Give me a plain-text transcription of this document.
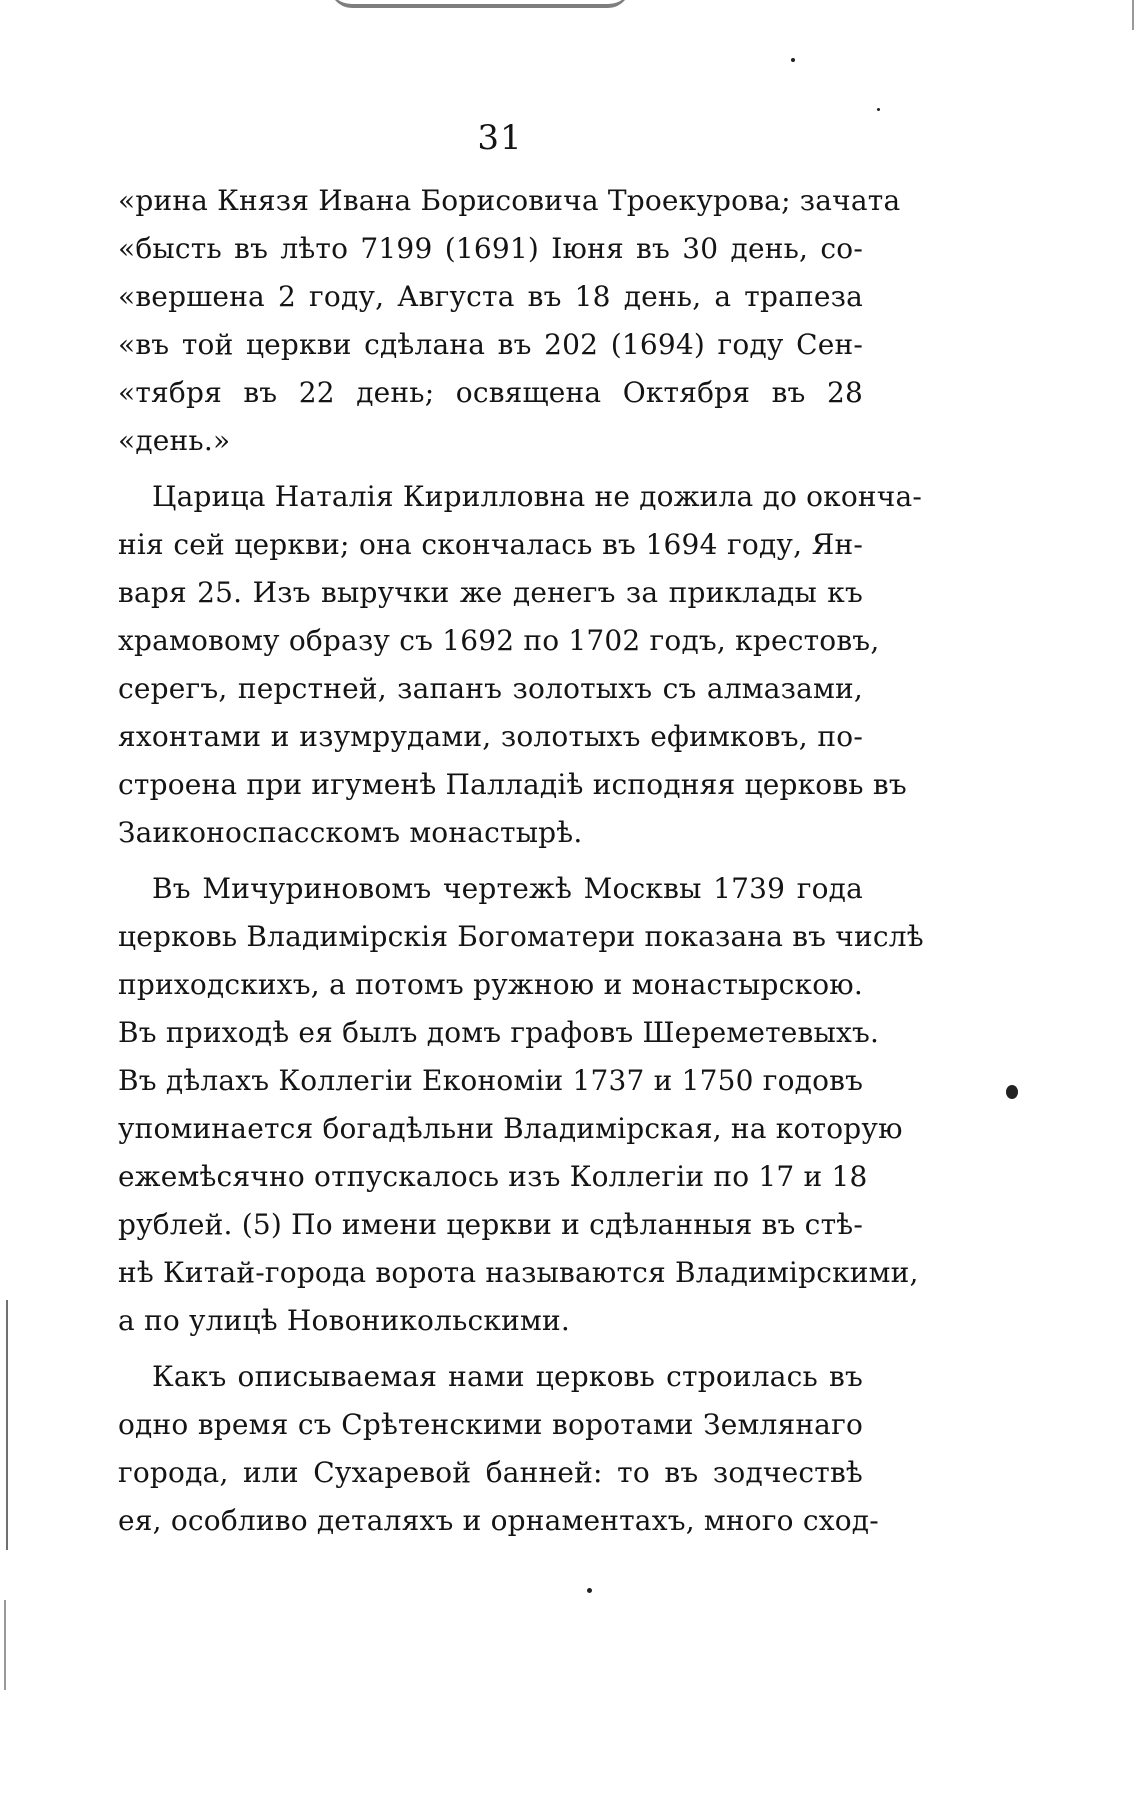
31
«рина Князя Ивана Борисовича Троекурова; зачата
«бысть въ лѣто 7199 (1691) Іюня въ 30 день, со-
«вершена 2 году, Августа въ 18 день, а трапеза
«въ той церкви сдѣлана въ 202 (1694) году Сен-
«тября въ 22 день; освящена Октября въ 28
«день.»
Царица Наталія Кирилловна не дожила до оконча-
нія сей церкви; она скончалась въ 1694 году, Ян-
варя 25. Изъ выручки же денегъ за приклады къ
храмовому образу съ 1692 по 1702 годъ, крестовъ,
серегъ, перстней, запанъ золотыхъ съ алмазами,
яхонтами и изумрудами, золотыхъ ефимковъ, по-
строена при игуменѣ Палладіѣ исподняя церковь въ
Заиконоспасскомъ монастырѣ.
Въ Мичуриновомъ чертежѣ Москвы 1739 года
церковь Владимірскія Богоматери показана въ числѣ
приходскихъ, а потомъ ружною и монастырскою.
Въ приходѣ ея былъ домъ графовъ Шереметевыхъ.
Въ дѣлахъ Коллегіи Економіи 1737 и 1750 годовъ
упоминается богадѣльни Владимірская, на которую
ежемѣсячно отпускалось изъ Коллегіи по 17 и 18
рублей. (5) По имени церкви и сдѣланныя въ стѣ-
нѣ Китай-города ворота называются Владимірскими,
а по улицѣ Новоникольскими.
Какъ описываемая нами церковь строилась въ
одно время съ Срѣтенскими воротами Землянаго
города, или Сухаревой банней: то въ зодчествѣ
ея, особливо деталяхъ и орнаментахъ, много сход-
